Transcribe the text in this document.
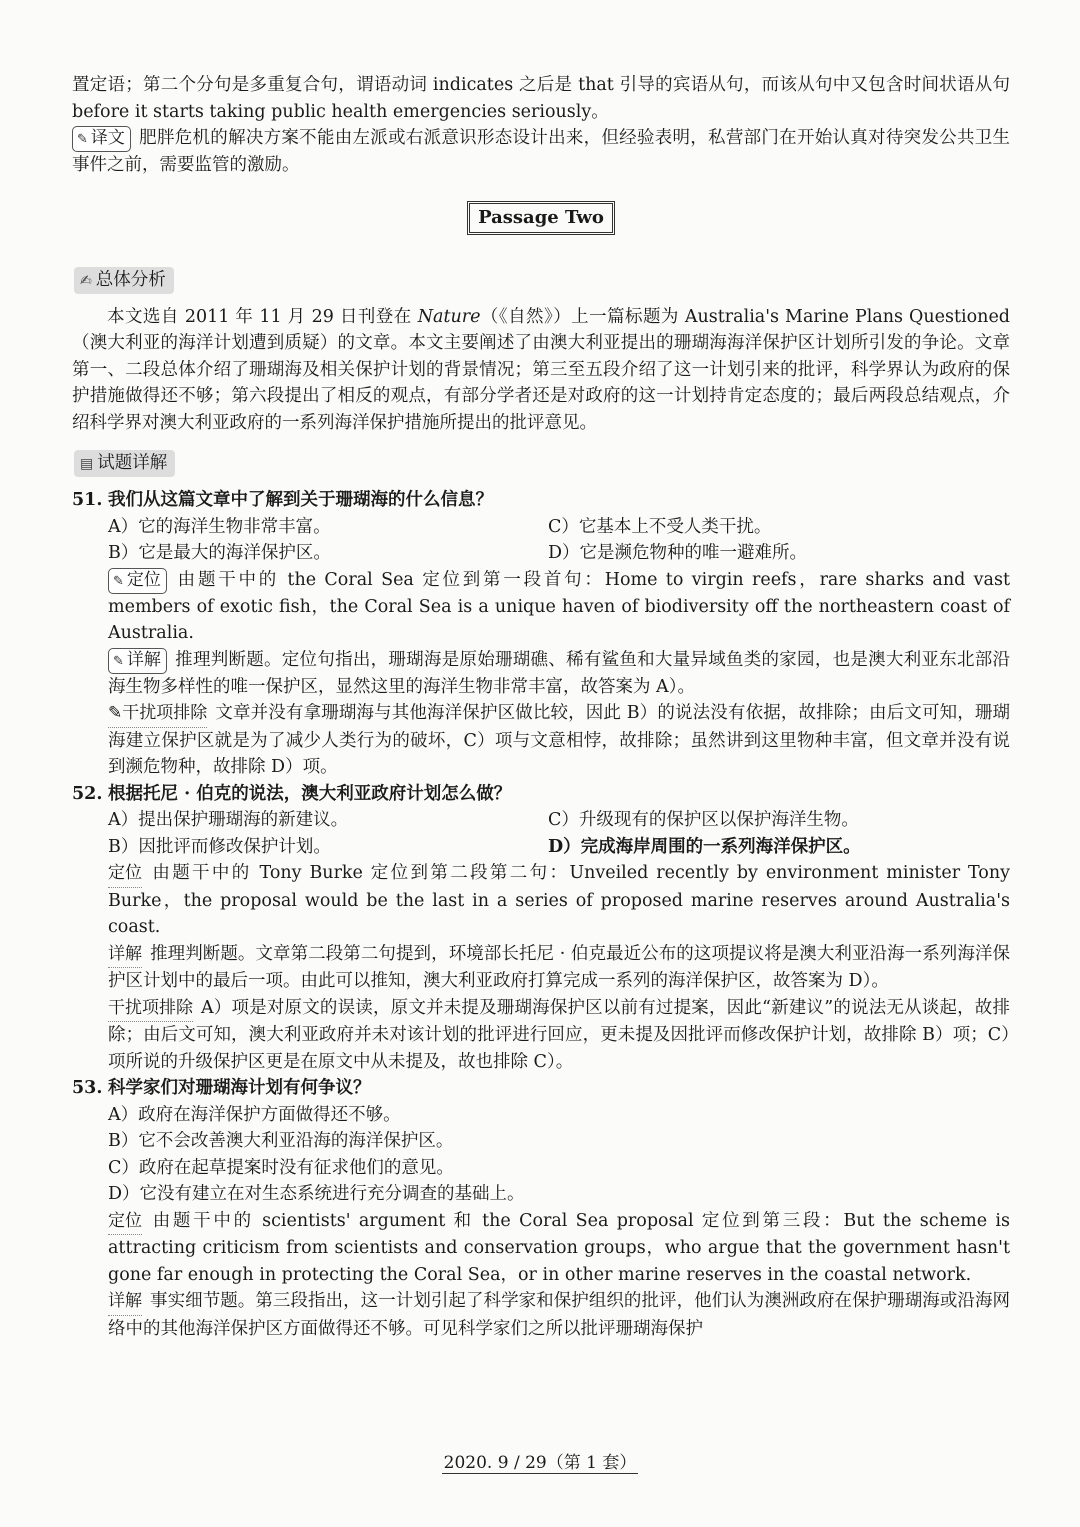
置定语；第二个分句是多重复合句，谓语动词 indicates 之后是 that 引导的宾语从句，而该从句中又包含时间状语从句 before it starts taking public health emergencies seriously。

✎ 译文 肥胖危机的解决方案不能由左派或右派意识形态设计出来，但经验表明，私营部门在开始认真对待突发公共卫生事件之前，需要监管的激励。

Passage Two
✍ 总体分析

本文选自 2011 年 11 月 29 日刊登在 Nature（《自然》）上一篇标题为 Australia's Marine Plans Questioned（澳大利亚的海洋计划遭到质疑）的文章。本文主要阐述了由澳大利亚提出的珊瑚海海洋保护区计划所引发的争论。文章第一、二段总体介绍了珊瑚海及相关保护计划的背景情况；第三至五段介绍了这一计划引来的批评，科学界认为政府的保护措施做得还不够；第六段提出了相反的观点，有部分学者还是对政府的这一计划持肯定态度的；最后两段总结观点，介绍科学界对澳大利亚政府的一系列海洋保护措施所提出的批评意见。

▤ 试题详解

51. 我们从这篇文章中了解到关于珊瑚海的什么信息？

A）它的海洋生物非常丰富。	C）它基本上不受人类干扰。
B）它是最大的海洋保护区。	D）它是濒危物种的唯一避难所。

✎ 定位 由题干中的 the Coral Sea 定位到第一段首句：Home to virgin reefs，rare sharks and vast members of exotic fish，the Coral Sea is a unique haven of biodiversity off the northeastern coast of Australia.

✎ 详解 推理判断题。定位句指出，珊瑚海是原始珊瑚礁、稀有鲨鱼和大量异域鱼类的家园，也是澳大利亚东北部沿海生物多样性的唯一保护区，显然这里的海洋生物非常丰富，故答案为 A）。

✎干扰项排除 文章并没有拿珊瑚海与其他海洋保护区做比较，因此 B）的说法没有依据，故排除；由后文可知，珊瑚海建立保护区就是为了减少人类行为的破坏，C）项与文意相悖，故排除；虽然讲到这里物种丰富，但文章并没有说到濒危物种，故排除 D）项。

52. 根据托尼 · 伯克的说法，澳大利亚政府计划怎么做？

A）提出保护珊瑚海的新建议。	C）升级现有的保护区以保护海洋生物。
B）因批评而修改保护计划。	D）完成海岸周围的一系列海洋保护区。

定位 由题干中的 Tony Burke 定位到第二段第二句：Unveiled recently by environment minister Tony Burke，the proposal would be the last in a series of proposed marine reserves around Australia's coast.

详解 推理判断题。文章第二段第二句提到，环境部长托尼 · 伯克最近公布的这项提议将是澳大利亚沿海一系列海洋保护区计划中的最后一项。由此可以推知，澳大利亚政府打算完成一系列的海洋保护区，故答案为 D）。

干扰项排除 A）项是对原文的误读，原文并未提及珊瑚海保护区以前有过提案，因此“新建议”的说法无从谈起，故排除；由后文可知，澳大利亚政府并未对该计划的批评进行回应，更未提及因批评而修改保护计划，故排除 B）项；C）项所说的升级保护区更是在原文中从未提及，故也排除 C）。

53. 科学家们对珊瑚海计划有何争议？

A）政府在海洋保护方面做得还不够。

B）它不会改善澳大利亚沿海的海洋保护区。

C）政府在起草提案时没有征求他们的意见。

D）它没有建立在对生态系统进行充分调查的基础上。

定位 由题干中的 scientists' argument 和 the Coral Sea proposal 定位到第三段：But the scheme is attracting criticism from scientists and conservation groups，who argue that the government hasn't gone far enough in protecting the Coral Sea，or in other marine reserves in the coastal network.

详解 事实细节题。第三段指出，这一计划引起了科学家和保护组织的批评，他们认为澳洲政府在保护珊瑚海或沿海网络中的其他海洋保护区方面做得还不够。可见科学家们之所以批评珊瑚海保护

2020. 9 / 29（第 1 套）
